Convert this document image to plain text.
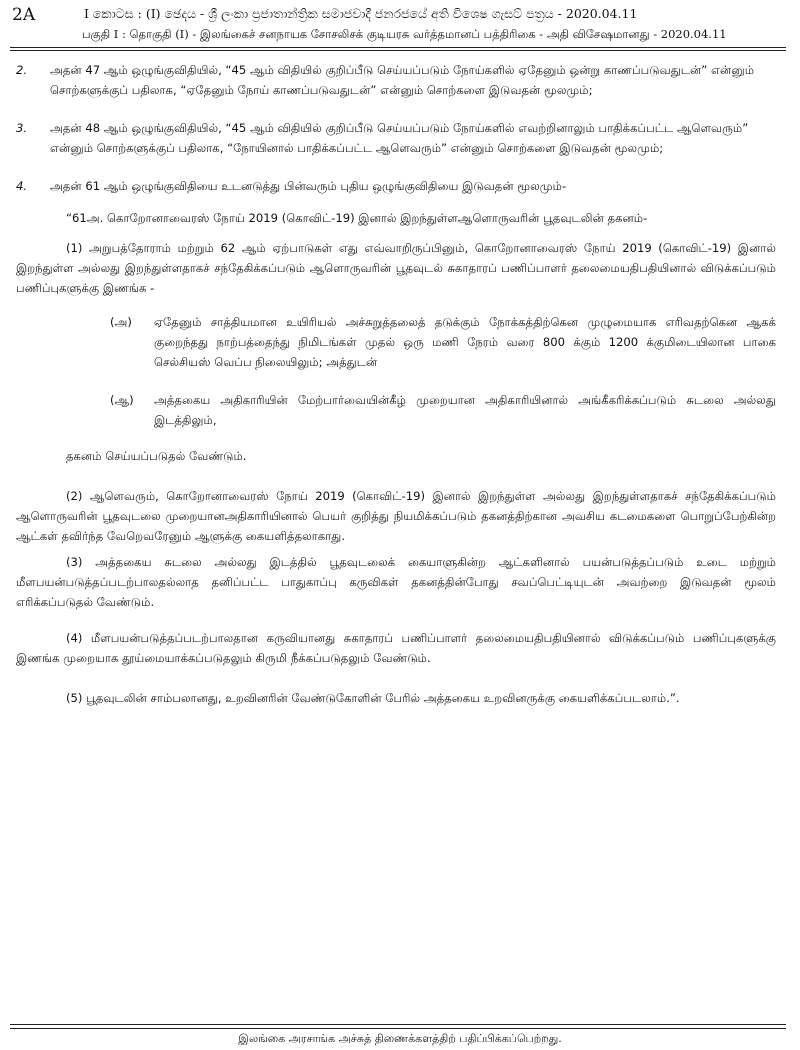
2A	I කොටස : (I) ඡෙදය - ශ්‍රී ලංකා ප්‍රජාතාන්ත්‍රික සමාජවාදී ජනරජයේ අති විශෙෂ ගැසට් පත්‍රය - 2020.04.11
பகுதி I : தொகுதி (I) - இலங்கைச் சனநாயக சோசலிசக் குடியரசு வர்த்தமானப் பத்திரிகை - அதி விசேஷமானது - 2020.04.11
2. அதன் 47 ஆம் ஒழுங்குவிதியில், “45 ஆம் விதியில் குறிப்பீடு செய்யப்படும் நோய்களில் ஏதேனும் ஒன்று காணப்படுவதுடன்” என்னும் சொற்களுக்குப் பதிலாக, “ஏதேனும் நோய் காணப்படுவதுடன்” என்னும் சொற்களை இடுவதன் மூலமும்;
3. அதன் 48 ஆம் ஒழுங்குவிதியில், “45 ஆம் விதியில் குறிப்பீடு செய்யப்படும் நோய்களில் எவற்றினாலும் பாதிக்கப்பட்ட ஆளெவரும்” என்னும் சொற்களுக்குப் பதிலாக, “நோயினால் பாதிக்கப்பட்ட ஆளெவரும்” என்னும் சொற்களை இடுவதன் மூலமும்;
4. அதன் 61 ஆம் ஒழுங்குவிதியை உடனடுத்து பின்வரும் புதிய ஒழுங்குவிதியை இடுவதன் மூலமும்-
“61அ. கொறோனாவைரஸ் நோய் 2019 (கொவிட்-19) இனால் இறந்துள்ளஆளொருவரின் பூதவுடலின் தகனம்-
(1) அறுபத்தோராம் மற்றும் 62 ஆம் ஏற்பாடுகள் எது எவ்வாறிருப்பினும், கொறோனாவைரஸ் நோய் 2019 (கொவிட்-19) இனால் இறந்துள்ள அல்லது இறந்துள்ளதாகச் சந்தேகிக்கப்படும் ஆளொருவரின் பூதவுடல் சுகாதாரப் பணிப்பாளர் தலைமையதிபதியினால் விடுக்கப்படும் பணிப்புகளுக்கு இணங்க -
(அ) ஏதேனும் சாத்தியமான உயிரியல் அச்சுறுத்தலைத் தடுக்கும் நோக்கத்திற்கென முழுமையாக எரிவதற்கென ஆகக் குறைந்தது நாற்பத்தைந்து நிமிடங்கள் முதல் ஒரு மணி நேரம் வரை 800 க்கும் 1200 க்குமிடையிலான பாகை செல்சியஸ் வெப்ப நிலையிலும்; அத்துடன்
(ஆ) அத்தகைய அதிகாரியின் மேற்பார்வையின்கீழ் முறையான அதிகாரியினால் அங்கீகரிக்கப்படும் சுடலை அல்லது இடத்திலும்,
தகனம் செய்யப்படுதல் வேண்டும்.
(2) ஆளெவரும், கொறோனாவைரஸ் நோய் 2019 (கொவிட்-19) இனால் இறந்துள்ள அல்லது இறந்துள்ளதாகச் சந்தேகிக்கப்படும் ஆளொருவரின் பூதவுடலை முறையானஅதிகாரியினால் பெயர் குறித்து நியமிக்கப்படும் தகனத்திற்கான அவசிய கடமைகளை பொறுப்பேற்கின்ற ஆட்கள் தவிர்ந்த வேறெவரேனும் ஆளுக்கு கையளித்தலாகாது.
(3) அத்தகைய சுடலை அல்லது இடத்தில் பூதவுடலைக் கையாளுகின்ற ஆட்களினால் பயன்படுத்தப்படும் உடை மற்றும் மீளபயன்படுத்தப்படற்பாலதல்லாத தனிப்பட்ட பாதுகாப்பு கருவிகள் தகனத்தின்போது சவப்பெட்டியுடன் அவற்றை இடுவதன் மூலம் எரிக்கப்படுதல் வேண்டும்.
(4) மீளபயன்படுத்தப்படற்பாலதான கருவியானது சுகாதாரப் பணிப்பாளர் தலைமையதிபதியினால் விடுக்கப்படும் பணிப்புகளுக்கு இணங்க முறையாக தூய்மையாக்கப்படுதலும் கிருமி நீக்கப்படுதலும் வேண்டும்.
(5) பூதவுடலின் சாம்பலானது, உறவினரின் வேண்டுகோளின் பேரில் அத்தகைய உறவினருக்கு கையளிக்கப்படலாம்.”.
இலங்கை அரசாங்க அச்சுத் திணைக்களத்திற் பதிப்பிக்கப்பெற்றது.
